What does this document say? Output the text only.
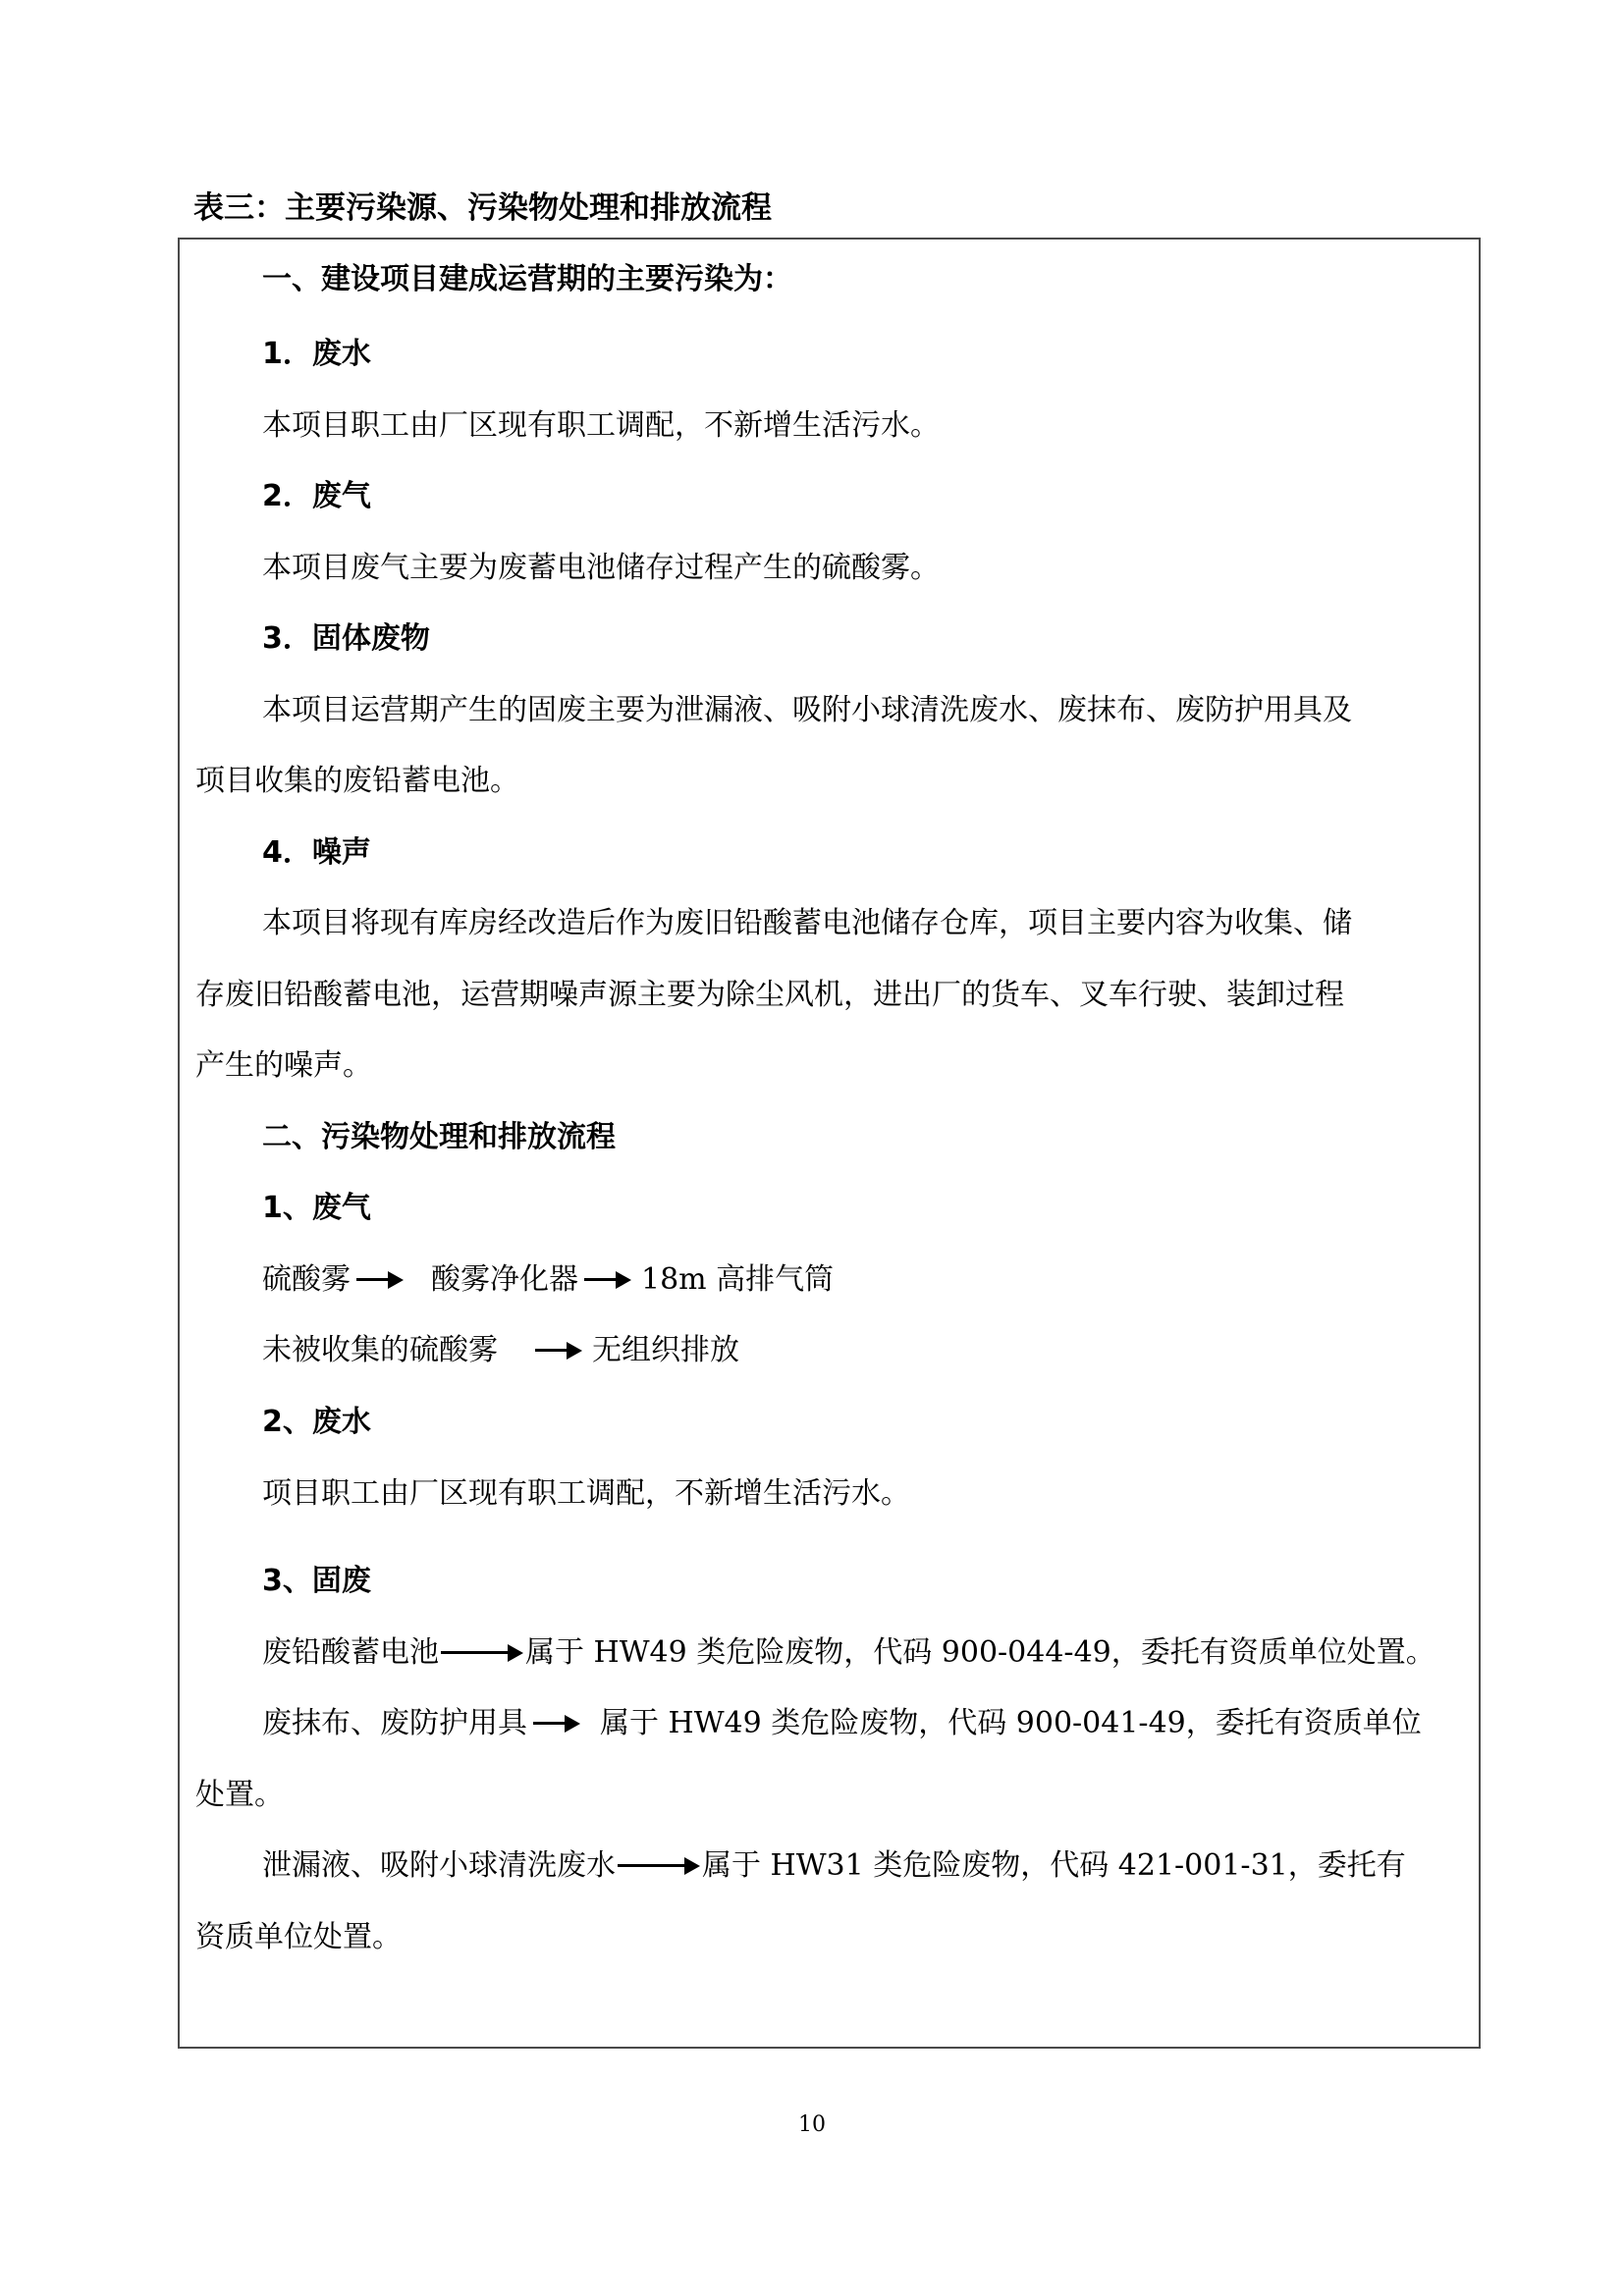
表三：主要污染源、污染物处理和排放流程
一、建设项目建成运营期的主要污染为：
1．废水
本项目职工由厂区现有职工调配，不新增生活污水。
2．废气
本项目废气主要为废蓄电池储存过程产生的硫酸雾。
3．固体废物
本项目运营期产生的固废主要为泄漏液、吸附小球清洗废水、废抹布、废防护用具及
项目收集的废铅蓄电池。
4．噪声
本项目将现有库房经改造后作为废旧铅酸蓄电池储存仓库，项目主要内容为收集、储
存废旧铅酸蓄电池，运营期噪声源主要为除尘风机，进出厂的货车、叉车行驶、装卸过程
产生的噪声。
二、污染物处理和排放流程
1、废气
硫酸雾	酸雾净化器 18m 高排气筒
未被收集的硫酸雾	无组织排放
2、废水
项目职工由厂区现有职工调配，不新增生活污水。
3、固废
废铅酸蓄电池	属于 HW49 类危险废物，代码 900-044-49，委托有资质单位处置。
废抹布、废防护用具 属于 HW49 类危险废物，代码 900-041-49，委托有资质单位
处置。
泄漏液、吸附小球清洗废水	属于 HW31 类危险废物，代码 421-001-31，委托有
资质单位处置。
10
